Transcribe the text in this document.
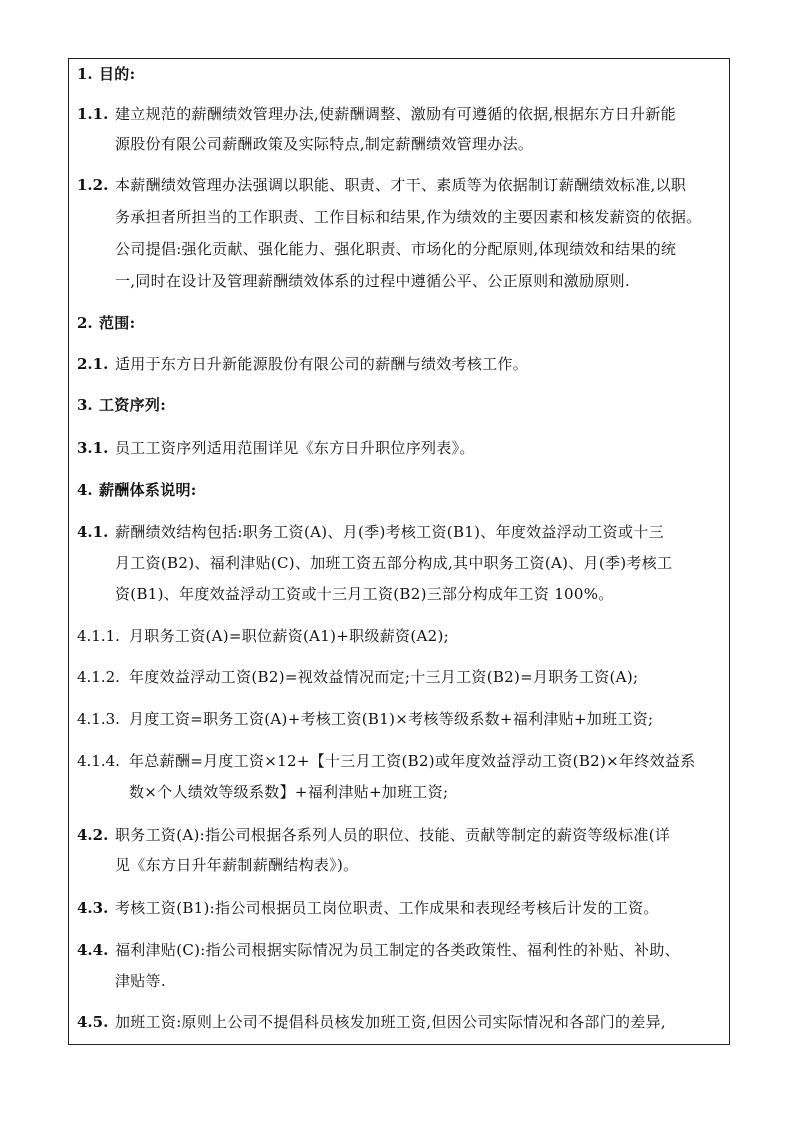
1. 目的:
1.1. 建立规范的薪酬绩效管理办法,使薪酬调整、激励有可遵循的依据,根据东方日升新能
源股份有限公司薪酬政策及实际特点,制定薪酬绩效管理办法。
1.2. 本薪酬绩效管理办法强调以职能、职责、才干、素质等为依据制订薪酬绩效标准,以职
务承担者所担当的工作职责、工作目标和结果,作为绩效的主要因素和核发薪资的依据。
公司提倡:强化贡献、强化能力、强化职责、市场化的分配原则,体现绩效和结果的统
一,同时在设计及管理薪酬绩效体系的过程中遵循公平、公正原则和激励原则.
2. 范围:
2.1. 适用于东方日升新能源股份有限公司的薪酬与绩效考核工作。
3. 工资序列:
3.1. 员工工资序列适用范围详见《东方日升职位序列表》。
4. 薪酬体系说明:
4.1. 薪酬绩效结构包括:职务工资(A)、月(季)考核工资(B1)、年度效益浮动工资或十三
月工资(B2)、福利津贴(C)、加班工资五部分构成,其中职务工资(A)、月(季)考核工
资(B1)、年度效益浮动工资或十三月工资(B2)三部分构成年工资 100%。
4.1.1. 月职务工资(A)=职位薪资(A1)+职级薪资(A2);
4.1.2. 年度效益浮动工资(B2)=视效益情况而定;十三月工资(B2)=月职务工资(A);
4.1.3. 月度工资=职务工资(A)+考核工资(B1)×考核等级系数+福利津贴+加班工资;
4.1.4. 年总薪酬=月度工资×12+【十三月工资(B2)或年度效益浮动工资(B2)×年终效益系
数×个人绩效等级系数】+福利津贴+加班工资;
4.2. 职务工资(A):指公司根据各系列人员的职位、技能、贡献等制定的薪资等级标准(详
见《东方日升年薪制薪酬结构表》)。
4.3. 考核工资(B1):指公司根据员工岗位职责、工作成果和表现经考核后计发的工资。
4.4. 福利津贴(C):指公司根据实际情况为员工制定的各类政策性、福利性的补贴、补助、
津贴等.
4.5. 加班工资:原则上公司不提倡科员核发加班工资,但因公司实际情况和各部门的差异,
